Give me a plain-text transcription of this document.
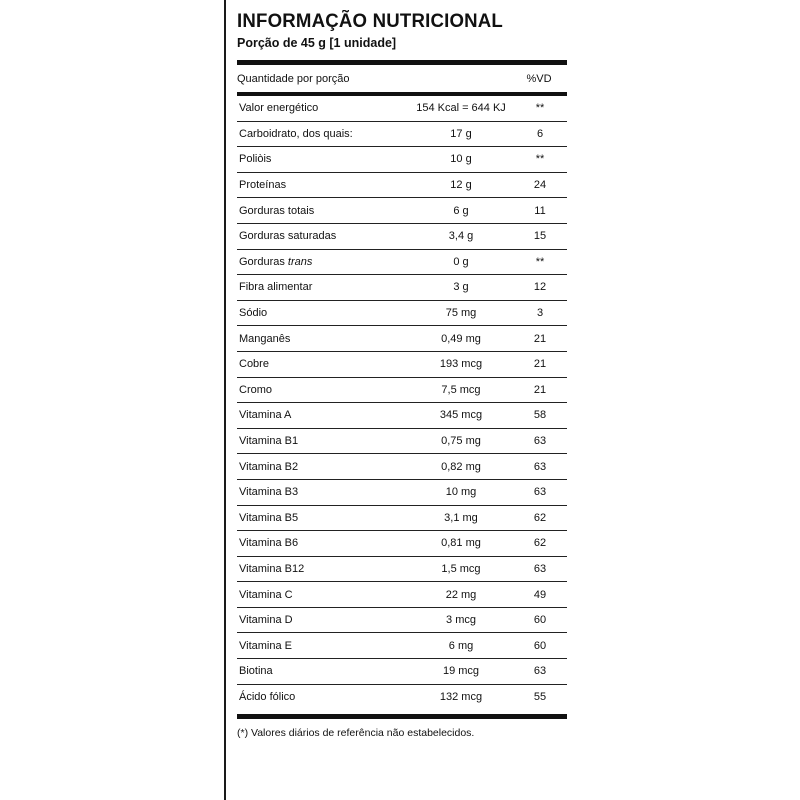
INFORMAÇÃO NUTRICIONAL
Porção de 45 g [1 unidade]
Quantidade por porção	%VD
Valor energético	154 Kcal = 644 KJ	**
Carboidrato, dos quais:	17 g	6
Poliòis	10 g	**
Proteínas	12 g	24
Gorduras totais	6 g	11
Gorduras saturadas	3,4 g	15
Gorduras trans	0 g	**
Fibra alimentar	3 g	12
Sódio	75 mg	3
Manganês	0,49 mg	21
Cobre	193 mcg	21
Cromo	7,5 mcg	21
Vitamina A	345 mcg	58
Vitamina B1	0,75 mg	63
Vitamina B2	0,82 mg	63
Vitamina B3	10 mg	63
Vitamina B5	3,1 mg	62
Vitamina B6	0,81 mg	62
Vitamina B12	1,5 mcg	63
Vitamina C	22 mg	49
Vitamina D	3 mcg	60
Vitamina E	6 mg	60
Biotina	19 mcg	63
Ácido fólico	132 mcg	55
(*) Valores diários de referência não estabelecidos.
